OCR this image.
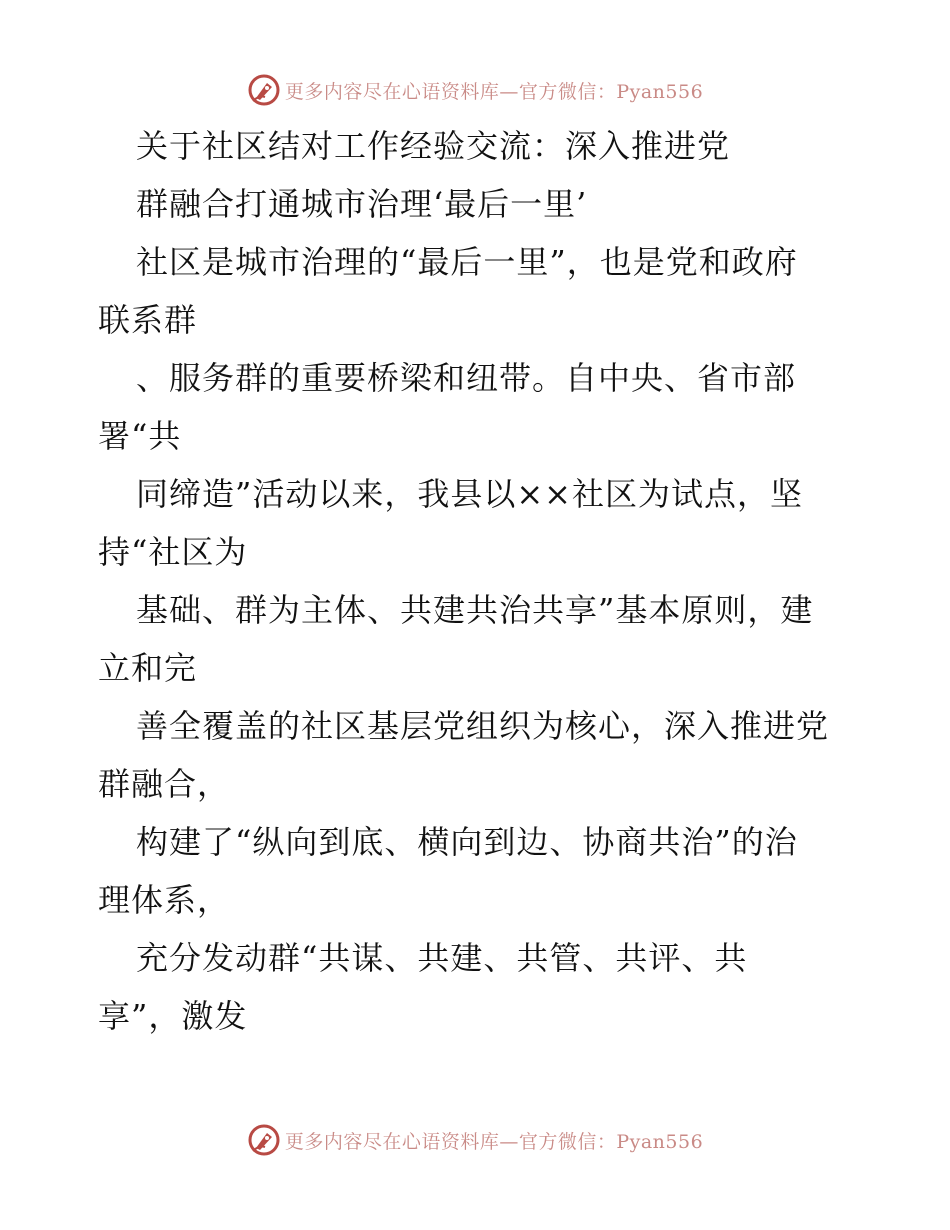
更多内容尽在心语资料库—官方微信：Pyan556
关于社区结对工作经验交流：深入推进党
群融合打通城市治理‘最后一里’
社区是城市治理的“最后一里”，也是党和政府
联系群
、服务群的重要桥梁和纽带。自中央、省市部
署“共
同缔造”活动以来，我县以××社区为试点，坚
持“社区为
基础、群为主体、共建共治共享”基本原则，建
立和完
善全覆盖的社区基层党组织为核心，深入推进党
群融合，
构建了“纵向到底、横向到边、协商共治”的治
理体系，
充分发动群“共谋、共建、共管、共评、共
享”，激发
更多内容尽在心语资料库—官方微信：Pyan556
